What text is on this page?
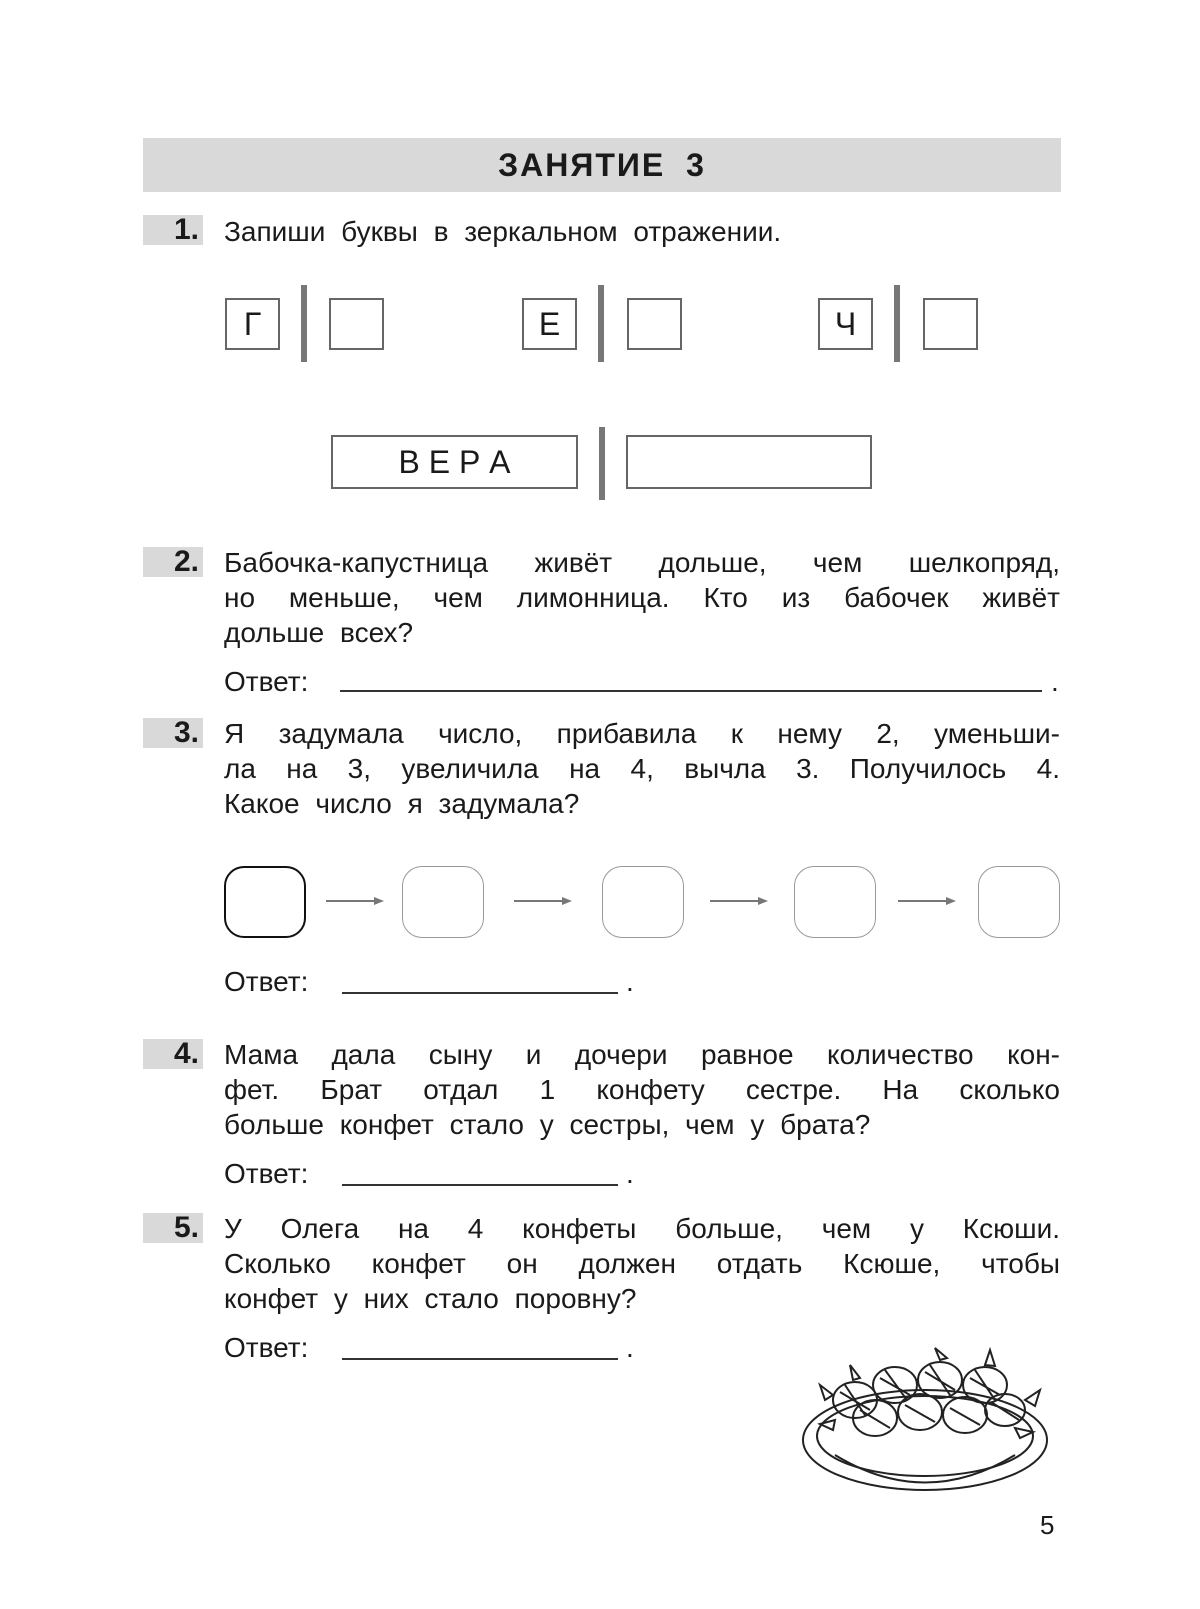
ЗАНЯТИЕ 3
1. Запиши буквы в зеркальном отражении.
Г	Е	Ч
В Е Р А
2. Бабочка-капустница живёт дольше, чем шелкопряд,
но меньше, чем лимонница. Кто из бабочек живёт
дольше всех?
Ответ:	.
3. Я задумала число, прибавила к нему 2, уменьши-
ла на 3, увеличила на 4, вычла 3. Получилось 4.
Какое число я задумала?
Ответ:	.
4. Мама дала сыну и дочери равное количество кон-
фет. Брат отдал 1 конфету сестре. На сколько
больше конфет стало у сестры, чем у брата?
Ответ:	.
5. У Олега на 4 конфеты больше, чем у Ксюши.
Сколько конфет он должен отдать Ксюше, чтобы
конфет у них стало поровну?
Ответ:	.
5
